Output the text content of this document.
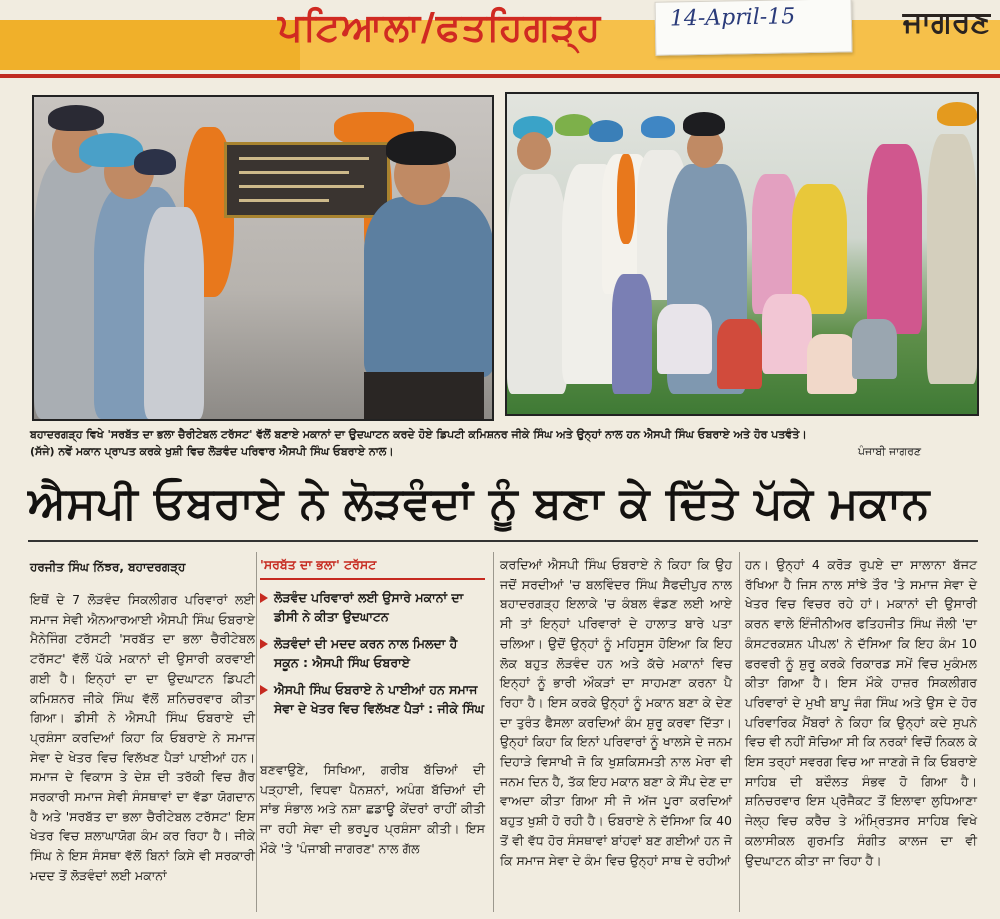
ਪਟਿਆਲਾ/ਫਤਹਿਗੜ੍ਹ	ਜਾਗਰਣ
14-April-15
ਬਹਾਦਰਗੜ੍ਹ ਵਿਖੇ 'ਸਰਬੱਤ ਦਾ ਭਲਾ ਚੈਰੀਟੇਬਲ ਟਰੱਸਟ' ਵੱਲੋਂ ਬਣਾਏ ਮਕਾਨਾਂ ਦਾ ਉਦਘਾਟਨ ਕਰਦੇ ਹੋਏ ਡਿਪਟੀ ਕਮਿਸ਼ਨਰ ਜੀਕੇ ਸਿੰਘ ਅਤੇ ਉਨ੍ਹਾਂ ਨਾਲ ਹਨ ਐਸਪੀ ਸਿੰਘ ਓਬਰਾਏ ਅਤੇ ਹੋਰ ਪਤਵੰਤੇ।
(ਸੱਜੇ) ਨਵੇਂ ਮਕਾਨ ਪ੍ਰਾਪਤ ਕਰਕੇ ਖੁਸ਼ੀ ਵਿਚ ਲੋੜਵੰਦ ਪਰਿਵਾਰ ਐਸਪੀ ਸਿੰਘ ਓਬਰਾਏ ਨਾਲ।	ਪੰਜਾਬੀ ਜਾਗਰਣ
ਐਸਪੀ ਓਬਰਾਏ ਨੇ ਲੋੜਵੰਦਾਂ ਨੂੰ ਬਣਾ ਕੇ ਦਿੱਤੇ ਪੱਕੇ ਮਕਾਨ
ਹਰਜੀਤ ਸਿੰਘ ਨਿੱਝਰ, ਬਹਾਦਰਗੜ੍ਹ
ਇਥੋਂ ਦੇ 7 ਲੋੜਵੰਦ ਸਿਕਲੀਗਰ ਪਰਿਵਾਰਾਂ ਲਈ ਸਮਾਜ ਸੇਵੀ ਐਨਆਰਆਈ ਐਸਪੀ ਸਿੰਘ ਓਬਰਾਏ ਮੈਨੇਜਿੰਗ ਟਰੱਸਟੀ 'ਸਰਬੱਤ ਦਾ ਭਲਾ ਚੈਰੀਟੇਬਲ ਟਰੱਸਟ' ਵੱਲੋਂ ਪੱਕੇ ਮਕਾਨਾਂ ਦੀ ਉਸਾਰੀ ਕਰਵਾਈ ਗਈ ਹੈ। ਇਨ੍ਹਾਂ ਦਾ ਦਾ ਉਦਘਾਟਨ ਡਿਪਟੀ ਕਮਿਸ਼ਨਰ ਜੀਕੇ ਸਿੰਘ ਵੱਲੋਂ ਸ਼ਨਿਚਰਵਾਰ ਕੀਤਾ ਗਿਆ। ਡੀਸੀ ਨੇ ਐਸਪੀ ਸਿੰਘ ਓਬਰਾਏ ਦੀ ਪ੍ਰਸ਼ੰਸਾ ਕਰਦਿਆਂ ਕਿਹਾ ਕਿ ਓਬਰਾਏ ਨੇ ਸਮਾਜ ਸੇਵਾ ਦੇ ਖੇਤਰ ਵਿਚ ਵਿਲੱਖਣ ਪੈੜਾਂ ਪਾਈਆਂ ਹਨ। ਸਮਾਜ ਦੇ ਵਿਕਾਸ ਤੇ ਦੇਸ਼ ਦੀ ਤਰੱਕੀ ਵਿਚ ਗੈਰ ਸਰਕਾਰੀ ਸਮਾਜ ਸੇਵੀ ਸੰਸਥਾਵਾਂ ਦਾ ਵੱਡਾ ਯੋਗਦਾਨ ਹੈ ਅਤੇ 'ਸਰਬੱਤ ਦਾ ਭਲਾ ਚੈਰੀਟੇਬਲ ਟਰੱਸਟ' ਇਸ ਖੇਤਰ ਵਿਚ ਸ਼ਲਾਘਾਯੋਗ ਕੰਮ ਕਰ ਰਿਹਾ ਹੈ। ਜੀਕੇ ਸਿੰਘ ਨੇ ਇਸ ਸੰਸਥਾ ਵੱਲੋਂ ਬਿਨਾਂ ਕਿਸੇ ਵੀ ਸਰਕਾਰੀ ਮਦਦ ਤੋਂ ਲੋੜਵੰਦਾਂ ਲਈ ਮਕਾਨਾਂ
'ਸਰਬੱਤ ਦਾ ਭਲਾ' ਟਰੱਸਟ
ਲੋੜਵੰਦ ਪਰਿਵਾਰਾਂ ਲਈ ਉਸਾਰੇ ਮਕਾਨਾਂ ਦਾ ਡੀਸੀ ਨੇ ਕੀਤਾ ਉਦਘਾਟਨ
ਲੋੜਵੰਦਾਂ ਦੀ ਮਦਦ ਕਰਨ ਨਾਲ ਮਿਲਦਾ ਹੈ ਸਕੂਨ : ਐਸਪੀ ਸਿੰਘ ਓਬਰਾਏ
ਐਸਪੀ ਸਿੰਘ ਓਬਰਾਏ ਨੇ ਪਾਈਆਂ ਹਨ ਸਮਾਜ ਸੇਵਾ ਦੇ ਖੇਤਰ ਵਿਚ ਵਿਲੱਖਣ ਪੈੜਾਂ : ਜੀਕੇ ਸਿੰਘ
ਬਣਵਾਉਣੇ, ਸਿਖਿਆ, ਗਰੀਬ ਬੱਚਿਆਂ ਦੀ ਪੜ੍ਹਾਈ, ਵਿਧਵਾ ਪੈਨਸ਼ਨਾਂ, ਅਪੰਗ ਬੱਚਿਆਂ ਦੀ ਸਾਂਭ ਸੰਭਾਲ ਅਤੇ ਨਸ਼ਾ ਛਡਾਊ ਕੇਂਦਰਾਂ ਰਾਹੀਂ ਕੀਤੀ ਜਾ ਰਹੀ ਸੇਵਾ ਦੀ ਭਰਪੂਰ ਪ੍ਰਸ਼ੰਸਾ ਕੀਤੀ। ਇਸ ਮੌਕੇ 'ਤੇ 'ਪੰਜਾਬੀ ਜਾਗਰਣ' ਨਾਲ ਗੱਲ
ਕਰਦਿਆਂ ਐਸਪੀ ਸਿੰਘ ਓਬਰਾਏ ਨੇ ਕਿਹਾ ਕਿ ਉਹ ਜਦੋਂ ਸਰਦੀਆਂ 'ਚ ਬਲਵਿੰਦਰ ਸਿੰਘ ਸੈਫਦੀਪੁਰ ਨਾਲ ਬਹਾਦਰਗੜ੍ਹ ਇਲਾਕੇ 'ਚ ਕੰਬਲ ਵੰਡਣ ਲਈ ਆਏ ਸੀ ਤਾਂ ਇਨ੍ਹਾਂ ਪਰਿਵਾਰਾਂ ਦੇ ਹਾਲਾਤ ਬਾਰੇ ਪਤਾ ਚਲਿਆ। ਉਦੋਂ ਉਨ੍ਹਾਂ ਨੂੰ ਮਹਿਸੂਸ ਹੋਇਆ ਕਿ ਇਹ ਲੋਕ ਬਹੁਤ ਲੋੜਵੰਦ ਹਨ ਅਤੇ ਕੱਚੇ ਮਕਾਨਾਂ ਵਿਚ ਇਨ੍ਹਾਂ ਨੂੰ ਭਾਰੀ ਔਕੜਾਂ ਦਾ ਸਾਹਮਣਾ ਕਰਨਾ ਪੈ ਰਿਹਾ ਹੈ। ਇਸ ਕਰਕੇ ਉਨ੍ਹਾਂ ਨੂੰ ਮਕਾਨ ਬਣਾ ਕੇ ਦੇਣ ਦਾ ਤੁਰੰਤ ਫੈਸਲਾ ਕਰਦਿਆਂ ਕੰਮ ਸ਼ੁਰੂ ਕਰਵਾ ਦਿੱਤਾ। ਉਨ੍ਹਾਂ ਕਿਹਾ ਕਿ ਇਨਾਂ ਪਰਿਵਾਰਾਂ ਨੂੰ ਖਾਲਸੇ ਦੇ ਜਨਮ ਦਿਹਾੜੇ ਵਿਸਾਖੀ ਜੋ ਕਿ ਖੁਸ਼ਕਿਸਮਤੀ ਨਾਲ ਮੇਰਾ ਵੀ ਜਨਮ ਦਿਨ ਹੈ, ਤੱਕ ਇਹ ਮਕਾਨ ਬਣਾ ਕੇ ਸੌਂਪ ਦੇਣ ਦਾ ਵਾਅਦਾ ਕੀਤਾ ਗਿਆ ਸੀ ਜੋ ਅੱਜ ਪੂਰਾ ਕਰਦਿਆਂ ਬਹੁਤ ਖੁਸ਼ੀ ਹੋ ਰਹੀ ਹੈ। ਓਬਰਾਏ ਨੇ ਦੱਸਿਆ ਕਿ 40 ਤੋਂ ਵੀ ਵੱਧ ਹੋਰ ਸੰਸਥਾਵਾਂ ਬਾਂਹਵਾਂ ਬਣ ਗਈਆਂ ਹਨ ਜੋ ਕਿ ਸਮਾਜ ਸੇਵਾ ਦੇ ਕੰਮ ਵਿਚ ਉਨ੍ਹਾਂ ਸਾਥ ਦੇ ਰਹੀਆਂ
ਹਨ। ਉਨ੍ਹਾਂ 4 ਕਰੋੜ ਰੁਪਏ ਦਾ ਸਾਲਾਨਾ ਬੱਜਟ ਰੱਖਿਆ ਹੈ ਜਿਸ ਨਾਲ ਸਾਂਝੇ ਤੌਰ 'ਤੇ ਸਮਾਜ ਸੇਵਾ ਦੇ ਖੇਤਰ ਵਿਚ ਵਿਚਰ ਰਹੇ ਹਾਂ। ਮਕਾਨਾਂ ਦੀ ਉਸਾਰੀ ਕਰਨ ਵਾਲੇ ਇੰਜੀਨੀਅਰ ਫਤਿਹਜੀਤ ਸਿੰਘ ਜੌਲੀ 'ਦਾ ਕੰਸਟਰਕਸ਼ਨ ਪੀਪਲ' ਨੇ ਦੱਸਿਆ ਕਿ ਇਹ ਕੰਮ 10 ਫਰਵਰੀ ਨੂੰ ਸ਼ੁਰੂ ਕਰਕੇ ਰਿਕਾਰਡ ਸਮੇਂ ਵਿਚ ਮੁਕੰਮਲ ਕੀਤਾ ਗਿਆ ਹੈ। ਇਸ ਮੌਕੇ ਹਾਜ਼ਰ ਸਿਕਲੀਗਰ ਪਰਿਵਾਰਾਂ ਦੇ ਮੁਖੀ ਬਾਪੂ ਜੰਗ ਸਿੰਘ ਅਤੇ ਉਸ ਦੇ ਹੋਰ ਪਰਿਵਾਰਿਕ ਮੈਂਬਰਾਂ ਨੇ ਕਿਹਾ ਕਿ ਉਨ੍ਹਾਂ ਕਦੇ ਸੁਪਨੇ ਵਿਚ ਵੀ ਨਹੀਂ ਸੋਚਿਆ ਸੀ ਕਿ ਨਰਕਾਂ ਵਿਚੋਂ ਨਿਕਲ ਕੇ ਇਸ ਤਰ੍ਹਾਂ ਸਵਰਗ ਵਿਚ ਆ ਜਾਣਗੇ ਜੋ ਕਿ ਓਬਰਾਏ ਸਾਹਿਬ ਦੀ ਬਦੌਲਤ ਸੰਭਵ ਹੋ ਗਿਆ ਹੈ। ਸ਼ਨਿਚਰਵਾਰ ਇਸ ਪ੍ਰੋਜੈਕਟ ਤੋਂ ਇਲਾਵਾ ਲੁਧਿਆਣਾ ਜੇਲ੍ਹ ਵਿਚ ਕਰੈਚ ਤੇ ਅੰਮ੍ਰਿਤਸਰ ਸਾਹਿਬ ਵਿਖੇ ਕਲਾਸੀਕਲ ਗੁਰਮਤਿ ਸੰਗੀਤ ਕਾਲਜ ਦਾ ਵੀ ਉਦਘਾਟਨ ਕੀਤਾ ਜਾ ਰਿਹਾ ਹੈ।
